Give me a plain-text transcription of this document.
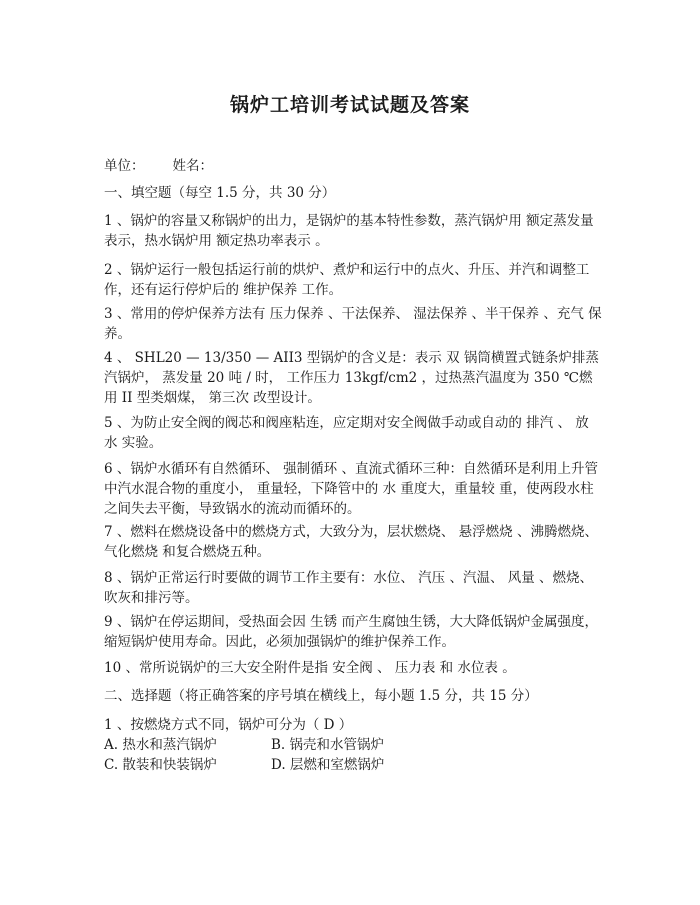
锅炉工培训考试试题及答案
单位： 姓名：
一、填空题（每空 1.5 分，共 30 分）
1 、锅炉的容量又称锅炉的出力，是锅炉的基本特性参数，蒸汽锅炉用 额定蒸发量 表示，热水锅炉用 额定热功率表示 。
2 、锅炉运行一般包括运行前的烘炉、煮炉和运行中的点火、升压、并汽和调整工作，还有运行停炉后的 维护保养 工作。
3 、常用的停炉保养方法有 压力保养 、干法保养、 湿法保养 、半干保养 、充气 保养。
4 、 SHL20 — 13/350 — AII3 型锅炉的含义是：表示 双 锅筒横置式链条炉排蒸汽锅炉， 蒸发量 20 吨 / 时， 工作压力 13kgf/cm2 ，过热蒸汽温度为 350 ℃燃用 II 型类烟煤， 第三次 改型设计。
5 、为防止安全阀的阀芯和阀座粘连，应定期对安全阀做手动或自动的 排汽 、 放 水 实验。
6 、锅炉水循环有自然循环、 强制循环 、直流式循环三种：自然循环是利用上升管中汽水混合物的重度小， 重量轻，下降管中的 水 重度大，重量较 重，使两段水柱之间失去平衡，导致锅水的流动而循环的。
7 、燃料在燃烧设备中的燃烧方式，大致分为，层状燃烧、 悬浮燃烧 、沸腾燃烧、气化燃烧 和复合燃烧五种。
8 、锅炉正常运行时要做的调节工作主要有：水位、 汽压 、汽温、 风量 、燃烧、吹灰和排污等。
9 、锅炉在停运期间，受热面会因 生锈 而产生腐蚀生锈，大大降低锅炉金属强度，缩短锅炉使用寿命。因此，必须加强锅炉的维护保养工作。
10 、常所说锅炉的三大安全附件是指 安全阀 、 压力表 和 水位表 。
二、选择题（将正确答案的序号填在横线上，每小题 1.5 分，共 15 分）
1 、按燃烧方式不同，锅炉可分为（ D ）
A. 热水和蒸汽锅炉	B. 锅壳和水管锅炉
C. 散装和快装锅炉	D. 层燃和室燃锅炉
